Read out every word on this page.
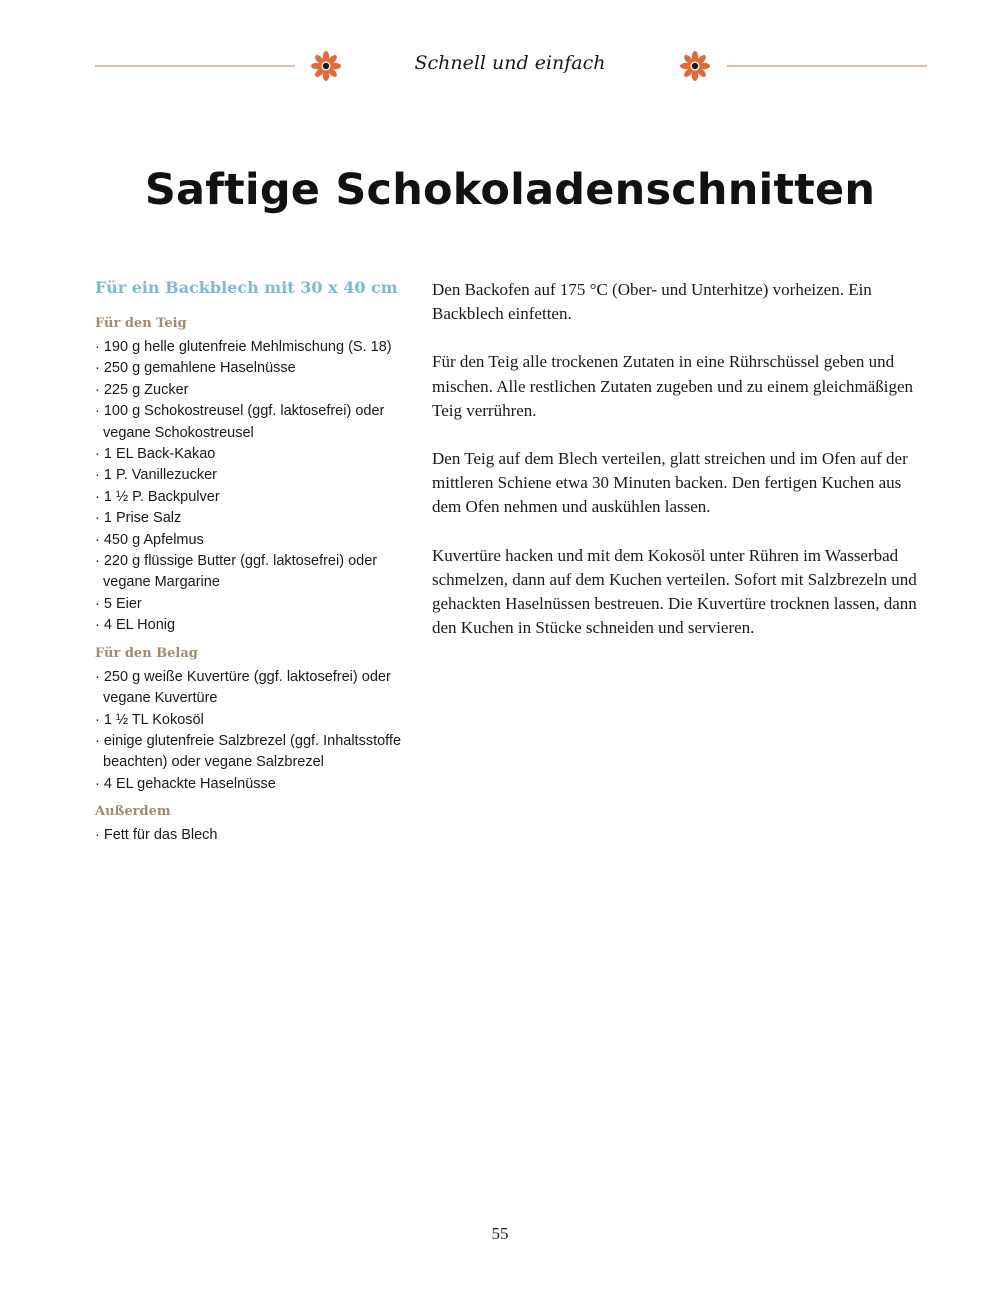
Schnell und einfach
Saftige Schokoladenschnitten
Für ein Backblech mit 30 x 40 cm
Für den Teig
· 190 g helle glutenfreie Mehlmischung (S. 18)
· 250 g gemahlene Haselnüsse
· 225 g Zucker
· 100 g Schokostreusel (ggf. laktosefrei) oder vegane Schokostreusel
· 1 EL Back-Kakao
· 1 P. Vanillezucker
· 1 ½ P. Backpulver
· 1 Prise Salz
· 450 g Apfelmus
· 220 g flüssige Butter (ggf. laktosefrei) oder vegane Margarine
· 5 Eier
· 4 EL Honig
Für den Belag
· 250 g weiße Kuvertüre (ggf. laktosefrei) oder vegane Kuvertüre
· 1 ½ TL Kokosöl
· einige glutenfreie Salzbrezel (ggf. Inhaltsstoffe beachten) oder vegane Salzbrezel
· 4 EL gehackte Haselnüsse
Außerdem
· Fett für das Blech

Den Backofen auf 175 °C (Ober- und Unterhitze) vorheizen. Ein Backblech einfetten.

Für den Teig alle trockenen Zutaten in eine Rührschüssel geben und mischen. Alle restlichen Zutaten zugeben und zu einem gleichmäßigen Teig verrühren.

Den Teig auf dem Blech verteilen, glatt streichen und im Ofen auf der mittleren Schiene etwa 30 Minuten backen. Den fertigen Kuchen aus dem Ofen nehmen und auskühlen lassen.

Kuvertüre hacken und mit dem Kokosöl unter Rühren im Wasserbad schmelzen, dann auf dem Kuchen verteilen. Sofort mit Salzbrezeln und gehackten Haselnüssen bestreuen. Die Kuvertüre trocknen lassen, dann den Kuchen in Stücke schneiden und servieren.

55
